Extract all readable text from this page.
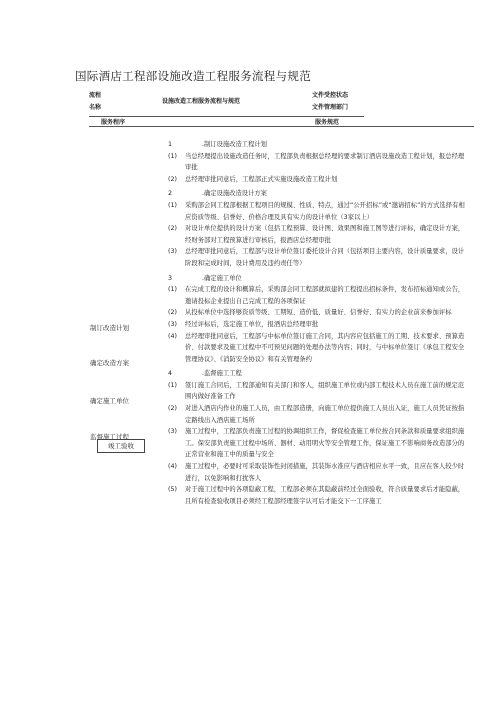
国际酒店工程部设施改造工程服务流程与规范
流程
名称
设施改造工程服务流程与规范
文件受控状态
文件管理部门
服务程序	服务规范
制订改造计划
确定改造方案
确定施工单位
监督施工过程
竣工验收
1	.制订设施改造工程计划
(1)	当总经理提出设施改造任务时，工程部负责根据总经理的要求制订酒店设施改造工程计划，报总经理审批
(2)	总经理审批同意后，工程部正式实施设施改造工程计划
2	.确定设施改造设计方案
(1)	采购部会同工程部根据工程项目的规模、性质、特点，通过“公开招标”或“邀请招标”的方式选择有相应资质等级、信誉好、价格合理及具有实力的设计单位（3家以上）
(2)	对设计单位提供的设计方案（包括工程预算、设计图、效果图和施工图等进行评标，确定设计方案，经财务部对工程预算进行审核后，报酒店总经理审批
(3)	总经理审批同意后，工程部与设计单位签订委托设计合同（包括项目主要内容，设计质量要求，设计阶段和完成时间，设计费用及违约责任等）
3	.确定施工单位
(1)	在完成工程的设计和概算后，采购部会同工程部就拟建的工程提出招标条件，发布招标通知或公告，邀请投标企业提出自己完成工程的各项保证
(2)	从投标单位中选择够资质等级、工期短、造价低、质量好、信誉好、有实力的企业前来参加评标
(3)	经过评标后，选定施工单位，报酒店总经理审批
(4)	总经理审批同意后，工程部与中标单位签订施工合同，其内容应包括施工的工期、技术要求、预算造价、付款要求及施工过程中不可预见问题的处理办法等内容；同时，与中标单位签订《承包工程安全管理协议》、《消防安全协议》和有关管理条约
4	.监督施工工程
(1)	签订施工合同后，工程部通知有关部门和客人，组织施工单位或内部工程技术人员在施工前的规定范围内做好准备工作
(2)	对进入酒店内作业的施工人员，由工程部造册，向施工单位提供施工人员出入证，施工人员凭证按指定路线出入酒店施工场所
(3)	施工过程中，工程部负责施工过程的协调组织工作，督促检查施工单位按合同条款和质量要求组织施工。保安部负责施工过程中场所、器材、动用明火等安全管理工作，保证施工不影响商务改造部分的正常营业和施工中的质量与安全
(4)	施工过程中，必要时可采取装饰性封闭措施，其装饰水准应与酒店相应水平一致，且应在客人较少时进行，以免影响和打扰客人
(5)	对于施工过程中的各项隐蔽工程，工程部必须在其隐蔽前经过全面验收，符合质量要求后才能隐蔽，且所有检查验收项目必须经工程部经理签字认可后才能交下一工序施工
